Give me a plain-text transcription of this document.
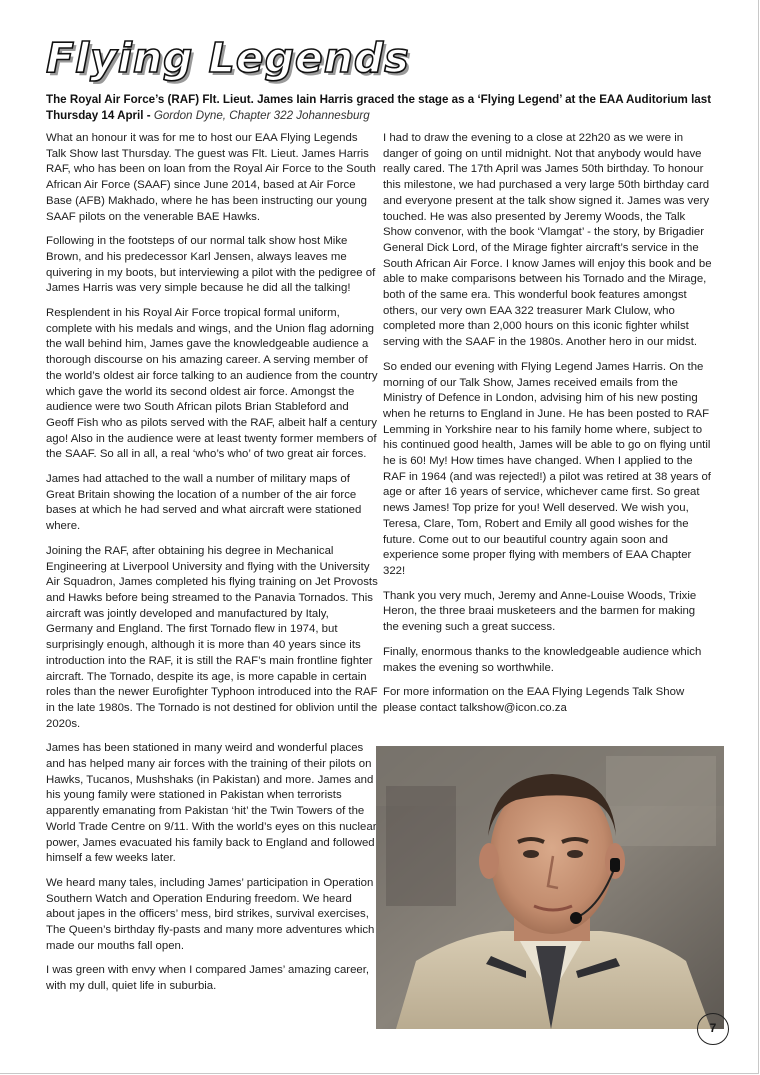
Flying Legends

The Royal Air Force’s (RAF) Flt. Lieut. James Iain Harris graced the stage as a ‘Flying Legend’ at the EAA Auditorium last Thursday 14 April - Gordon Dyne, Chapter 322 Johannesburg

What an honour it was for me to host our EAA Flying Legends Talk Show last Thursday. The guest was Flt. Lieut. James Harris RAF, who has been on loan from the Royal Air Force to the South African Air Force (SAAF) since June 2014, based at Air Force Base (AFB) Makhado, where he has been instructing our young SAAF pilots on the venerable BAE Hawks.

Following in the footsteps of our normal talk show host Mike Brown, and his predecessor Karl Jensen, always leaves me quivering in my boots, but interviewing a pilot with the pedigree of James Harris was very simple because he did all the talking!

Resplendent in his Royal Air Force tropical formal uniform, complete with his medals and wings, and the Union flag adorning the wall behind him, James gave the knowledgeable audience a thorough discourse on his amazing career. A serving member of the world’s oldest air force talking to an audience from the country which gave the world its second oldest air force. Amongst the audience were two South African pilots Brian Stableford and Geoff Fish who as pilots served with the RAF, albeit half a century ago! Also in the audience were at least twenty former members of the SAAF. So all in all, a real ‘who’s who’ of two great air forces.

James had attached to the wall a number of military maps of Great Britain showing the location of a number of the air force bases at which he had served and what aircraft were stationed where.

Joining the RAF, after obtaining his degree in Mechanical Engineering at Liverpool University and flying with the University Air Squadron, James completed his flying training on Jet Provosts and Hawks before being streamed to the Panavia Tornados. This aircraft was jointly developed and manufactured by Italy, Germany and England. The first Tornado flew in 1974, but surprisingly enough, although it is more than 40 years since its introduction into the RAF, it is still the RAF’s main frontline fighter aircraft. The Tornado, despite its age, is more capable in certain roles than the newer Eurofighter Typhoon introduced into the RAF in the late 1980s. The Tornado is not destined for oblivion until the 2020s.

James has been stationed in many weird and wonderful places and has helped many air forces with the training of their pilots on Hawks, Tucanos, Mushshaks (in Pakistan) and more. James and his young family were stationed in Pakistan when terrorists apparently emanating from Pakistan ‘hit’ the Twin Towers of the World Trade Centre on 9/11. With the world’s eyes on this nuclear power, James evacuated his family back to England and followed himself a few weeks later.

We heard many tales, including James’ participation in Operation Southern Watch and Operation Enduring freedom. We heard about japes in the officers’ mess, bird strikes, survival exercises, The Queen’s birthday fly-pasts and many more adventures which made our mouths fall open.

I was green with envy when I compared James’ amazing career, with my dull, quiet life in suburbia.

I had to draw the evening to a close at 22h20 as we were in danger of going on until midnight. Not that anybody would have really cared. The 17th April was James 50th birthday. To honour this milestone, we had purchased a very large 50th birthday card and everyone present at the talk show signed it. James was very touched. He was also presented by Jeremy Woods, the Talk Show convenor, with the book ‘Vlamgat’ - the story, by Brigadier General Dick Lord, of the Mirage fighter aircraft’s service in the South African Air Force. I know James will enjoy this book and be able to make comparisons between his Tornado and the Mirage, both of the same era. This wonderful book features amongst others, our very own EAA 322 treasurer Mark Clulow, who completed more than 2,000 hours on this iconic fighter whilst serving with the SAAF in the 1980s. Another hero in our midst.

So ended our evening with Flying Legend James Harris. On the morning of our Talk Show, James received emails from the Ministry of Defence in London, advising him of his new posting when he returns to England in June. He has been posted to RAF Lemming in Yorkshire near to his family home where, subject to his continued good health, James will be able to go on flying until he is 60! My! How times have changed. When I applied to the RAF in 1964 (and was rejected!) a pilot was retired at 38 years of age or after 16 years of service, whichever came first. So great news James! Top prize for you! Well deserved. We wish you, Teresa, Clare, Tom, Robert and Emily all good wishes for the future. Come out to our beautiful country again soon and experience some proper flying with members of EAA Chapter 322!

Thank you very much, Jeremy and Anne-Louise Woods, Trixie Heron, the three braai musketeers and the barmen for making the evening such a great success.

Finally, enormous thanks to the knowledgeable audience which makes the evening so worthwhile.

For more information on the EAA Flying Legends Talk Show please contact talkshow@icon.co.za

7
